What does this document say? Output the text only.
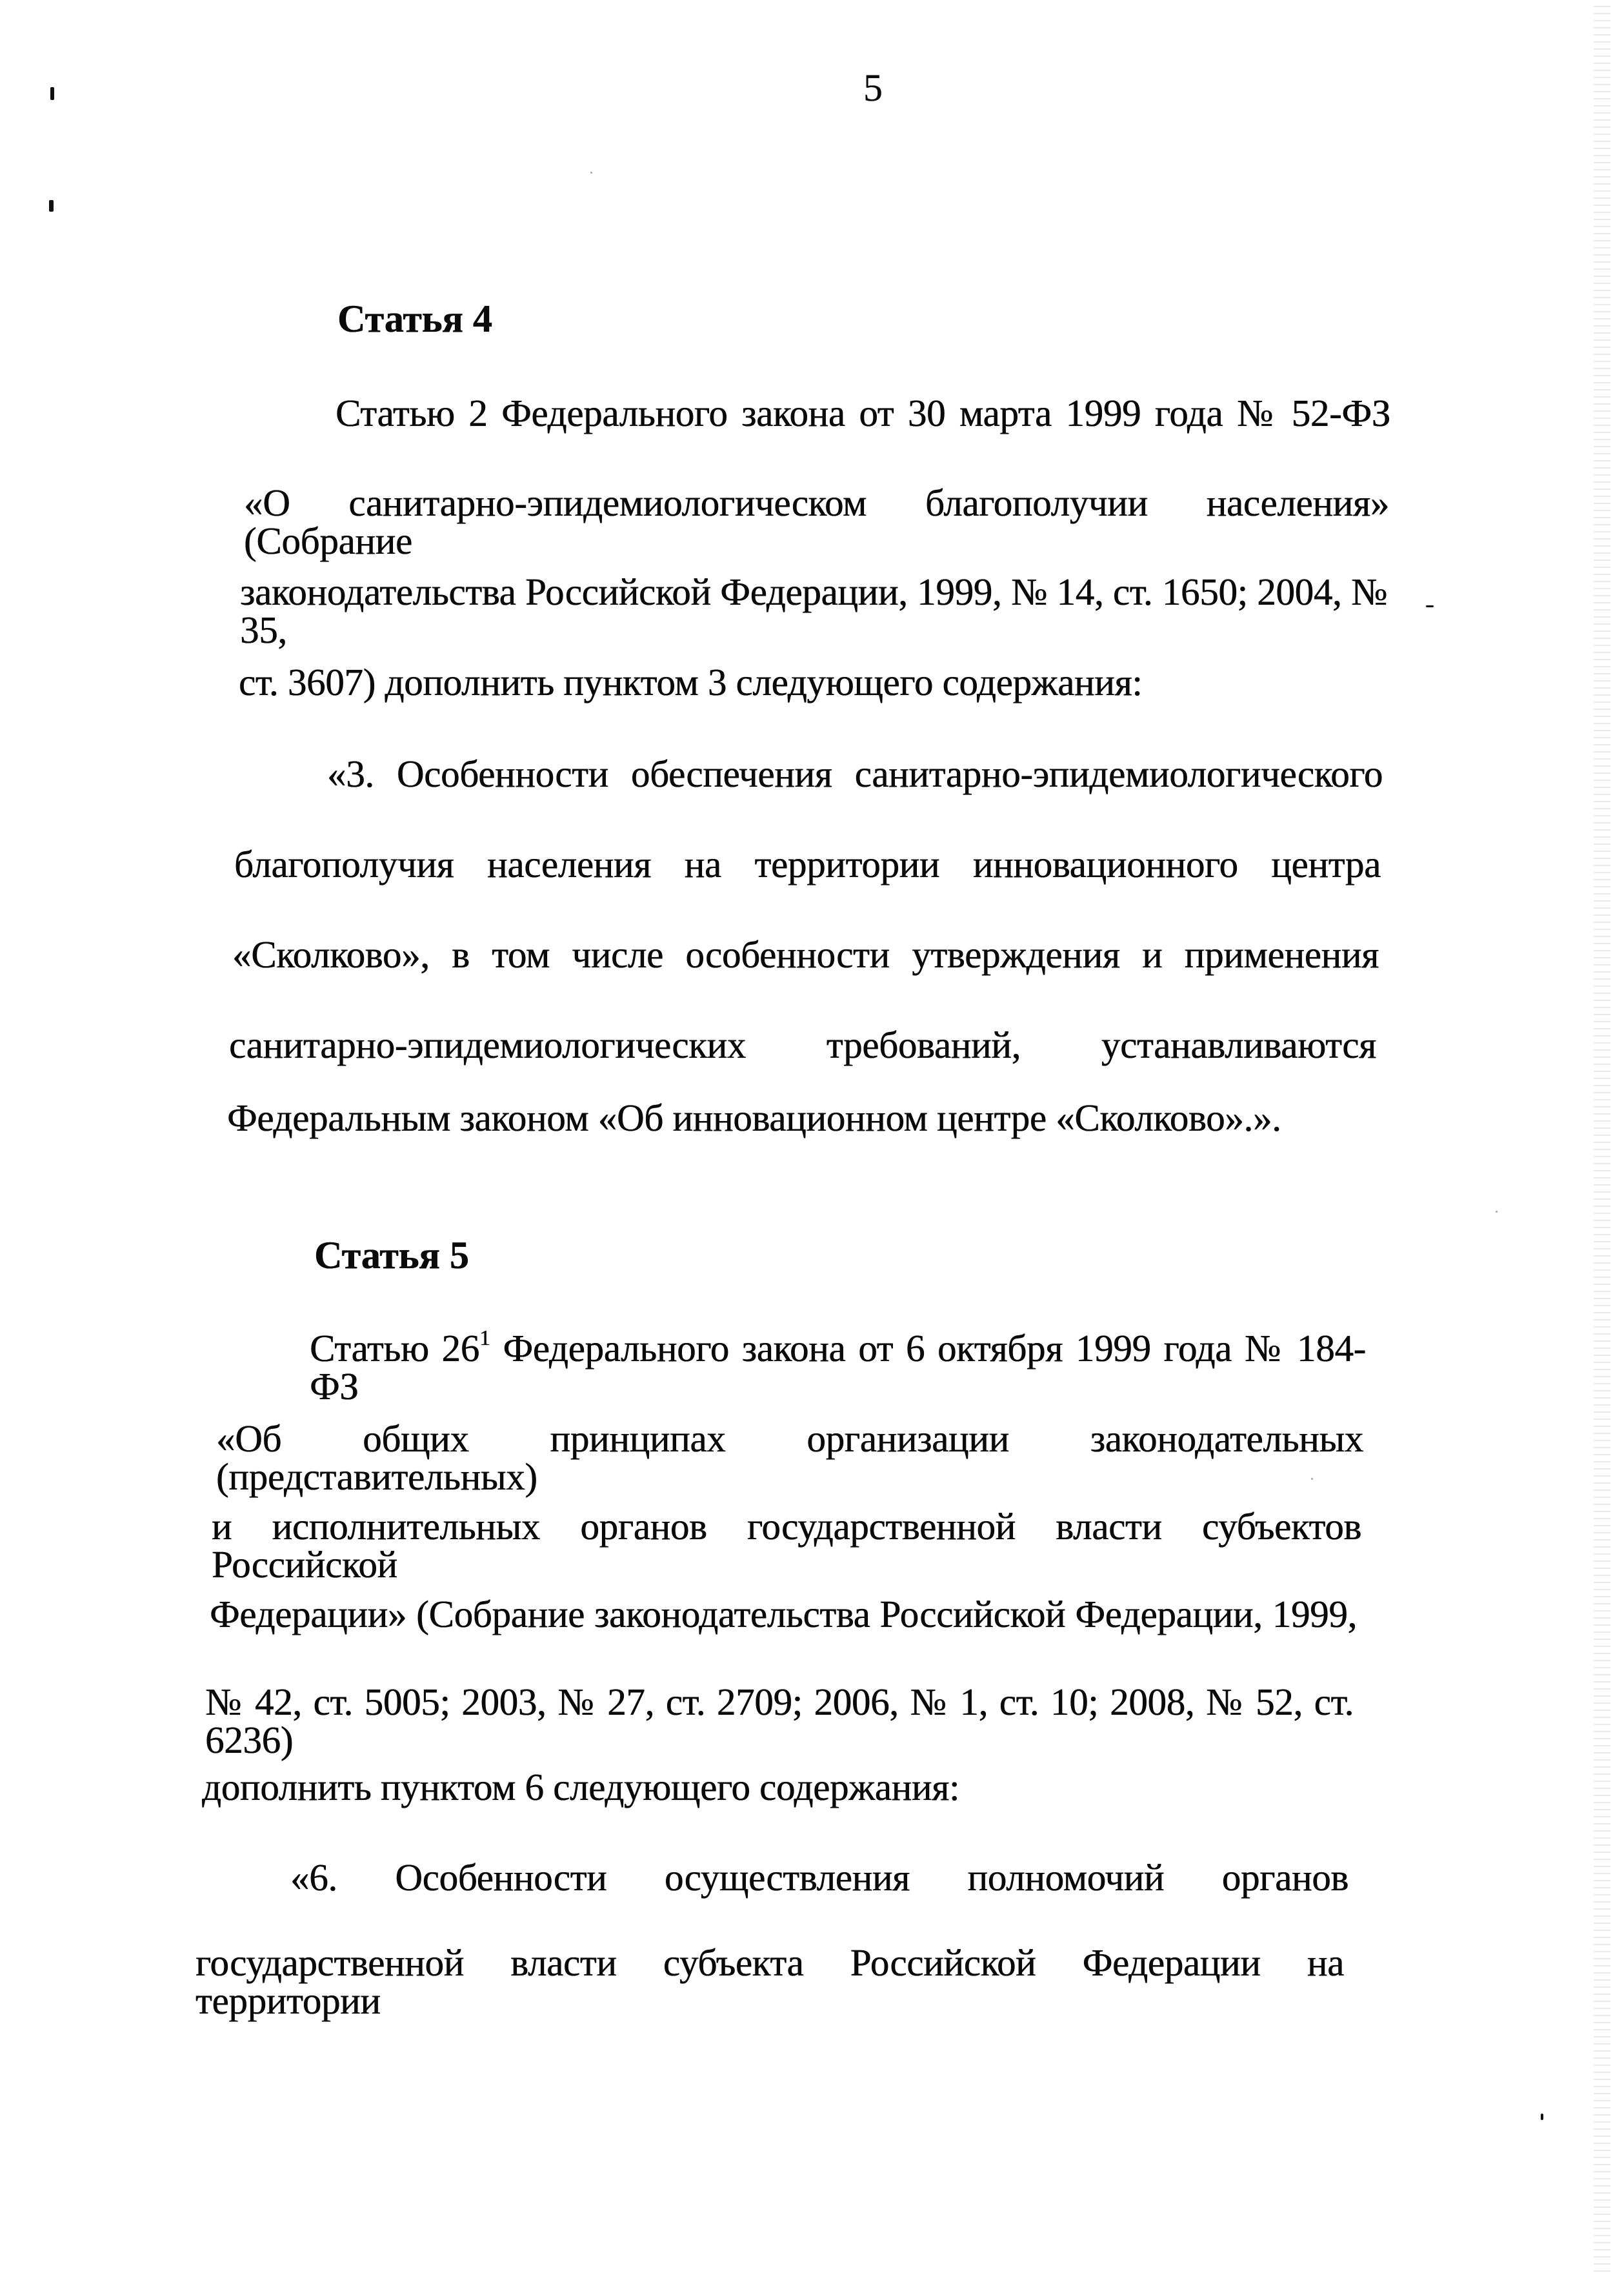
5
Статья 4
Статью 2 Федерального закона от 30 марта 1999 года № 52-ФЗ
«О санитарно-эпидемиологическом благополучии населения» (Собрание
законодательства Российской Федерации, 1999, № 14, ст. 1650; 2004, № 35,
ст. 3607) дополнить пунктом 3 следующего содержания:
«3. Особенности обеспечения санитарно-эпидемиологического
благополучия населения на территории инновационного центра
«Сколково», в том числе особенности утверждения и применения
санитарно-эпидемиологических требований, устанавливаются
Федеральным законом «Об инновационном центре «Сколково».».
Статья 5
Статью $26^1$ Федерального закона от 6 октября 1999 года № 184-ФЗ
«Об общих принципах организации законодательных (представительных)
и исполнительных органов государственной власти субъектов Российской
Федерации» (Собрание законодательства Российской Федерации, 1999,
№ 42, ст. 5005; 2003, № 27, ст. 2709; 2006, № 1, ст. 10; 2008, № 52, ст. 6236)
дополнить пунктом 6 следующего содержания:
«6. Особенности осуществления полномочий органов
государственной власти субъекта Российской Федерации на территории
